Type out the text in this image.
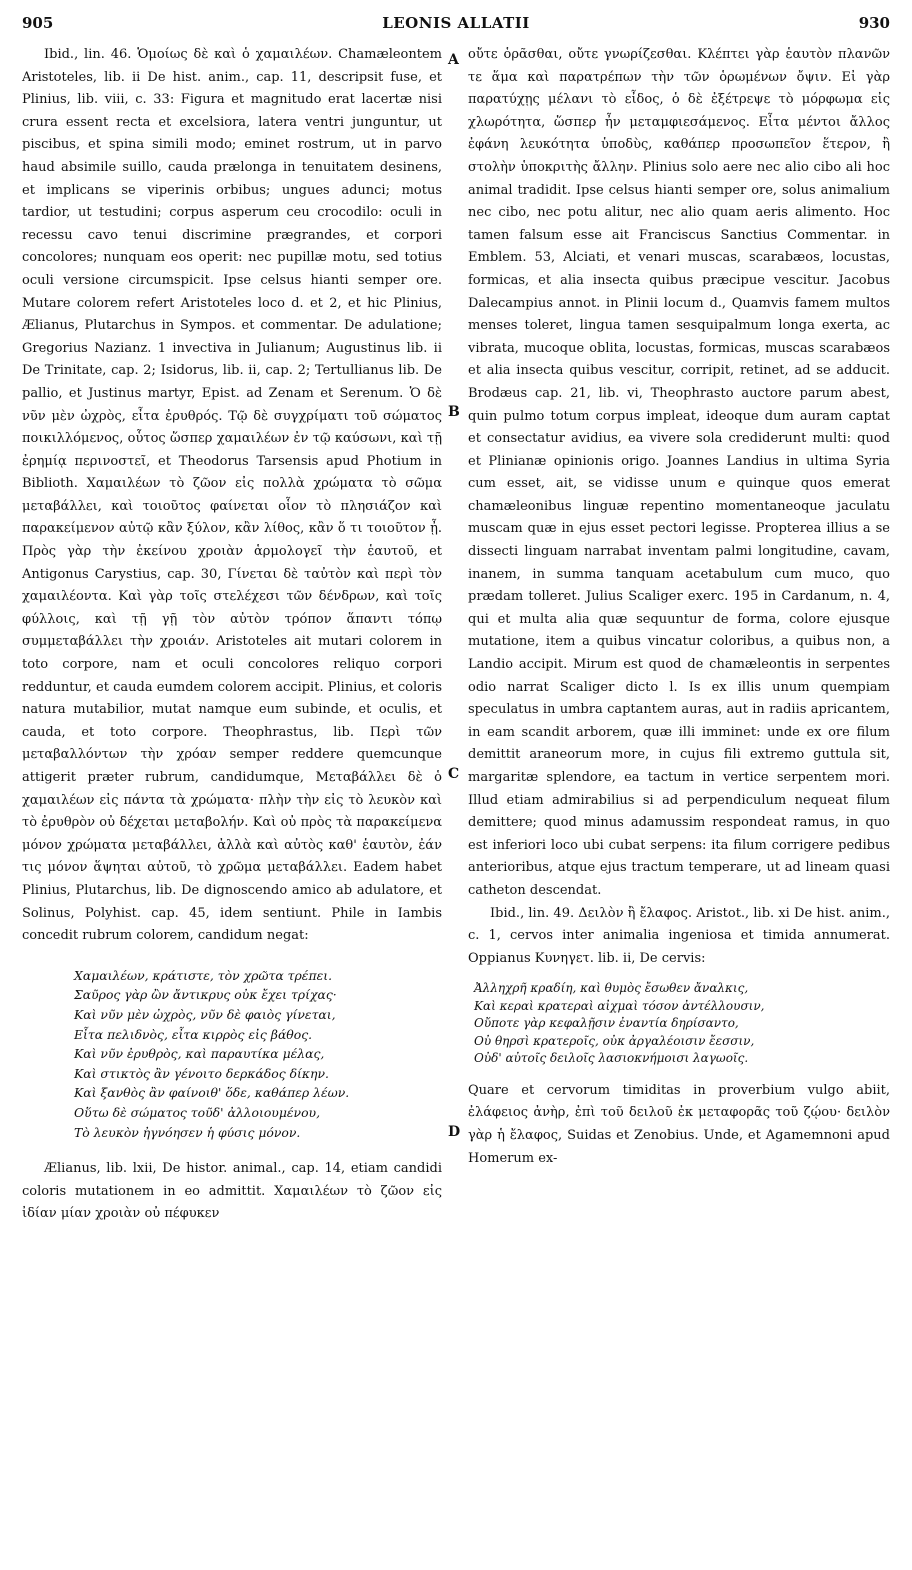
905	LEONIS ALLATII	930
A
B
C
D

Ibid., lin. 46. Ὁμοίως δὲ καὶ ὁ χαμαιλέων. Chamæleontem Aristoteles, lib. ii De hist. anim., cap. 11, descripsit fuse, et Plinius, lib. viii, c. 33: Figura et magnitudo erat lacertæ nisi crura essent recta et excelsiora, latera ventri junguntur, ut piscibus, et spina simili modo; eminet rostrum, ut in parvo haud absimile suillo, cauda prælonga in tenuitatem desinens, et implicans se viperinis orbibus; ungues adunci; motus tardior, ut testudini; corpus asperum ceu crocodilo: oculi in recessu cavo tenui discrimine prægrandes, et corpori concolores; nunquam eos operit: nec pupillæ motu, sed totius oculi versione circumspicit. Ipse celsus hianti semper ore. Mutare colorem refert Aristoteles loco d. et 2, et hic Plinius, Ælianus, Plutarchus in Sympos. et commentar. De adulatione; Gregorius Nazianz. 1 invectiva in Julianum; Augustinus lib. ii De Trinitate, cap. 2; Isidorus, lib. ii, cap. 2; Tertullianus lib. De pallio, et Justinus martyr, Epist. ad Zenam et Serenum. Ὁ δὲ νῦν μὲν ὠχρὸς, εἶτα ἐρυθρός. Τῷ δὲ συγχρίματι τοῦ σώματος ποικιλλόμενος, οὗτος ὥσπερ χαμαιλέων ἐν τῷ καύσωνι, καὶ τῇ ἐρημίᾳ περινοστεῖ, et Theodorus Tarsensis apud Photium in Biblioth. Χαμαιλέων τὸ ζῶον εἰς πολλὰ χρώματα τὸ σῶμα μεταβάλλει, καὶ τοιοῦτος φαίνεται οἷον τὸ πλησιάζον καὶ παρακείμενον αὐτῷ κἂν ξύλον, κἂν λίθος, κἂν ὅ τι τοιοῦτον ᾖ. Πρὸς γὰρ τὴν ἐκείνου χροιὰν ἁρμολογεῖ τὴν ἑαυτοῦ, et Antigonus Carystius, cap. 30, Γίνεται δὲ ταὐτὸν καὶ περὶ τὸν χαμαιλέοντα. Καὶ γὰρ τοῖς στελέχεσι τῶν δένδρων, καὶ τοῖς φύλλοις, καὶ τῇ γῇ τὸν αὐτὸν τρόπον ἅπαντι τόπῳ συμμεταβάλλει τὴν χροιάν. Aristoteles ait mutari colorem in toto corpore, nam et oculi concolores reliquo corpori redduntur, et cauda eumdem colorem accipit. Plinius, et coloris natura mutabilior, mutat namque eum subinde, et oculis, et cauda, et toto corpore. Theophrastus, lib. Περὶ τῶν μεταβαλλόντων τὴν χρόαν semper reddere quemcunque attigerit præter rubrum, candidumque, Μεταβάλλει δὲ ὁ χαμαιλέων εἰς πάντα τὰ χρώματα· πλὴν τὴν εἰς τὸ λευκὸν καὶ τὸ ἐρυθρὸν οὐ δέχεται μεταβολήν. Καὶ οὐ πρὸς τὰ παρακείμενα μόνον χρώματα μεταβάλλει, ἀλλὰ καὶ αὐτὸς καθ' ἑαυτὸν, ἐάν τις μόνον ἅψηται αὐτοῦ, τὸ χρῶμα μεταβάλλει. Eadem habet Plinius, Plutarchus, lib. De dignoscendo amico ab adulatore, et Solinus, Polyhist. cap. 45, idem sentiunt. Phile in Iambis concedit rubrum colorem, candidum negat:

Χαμαιλέων, κράτιστε, τὸν χρῶτα τρέπει.
Σαῦρος γὰρ ὢν ἄντικρυς οὐκ ἔχει τρίχας·
Καὶ νῦν μὲν ὠχρὸς, νῦν δὲ φαιὸς γίνεται,
Εἶτα πελιδνὸς, εἶτα κιρρὸς εἰς βάθος.
Καὶ νῦν ἐρυθρὸς, καὶ παραυτίκα μέλας,
Καὶ στικτὸς ἂν γένοιτο δερκάδος δίκην.
Καὶ ξανθὸς ἂν φαίνοιθ' ὅδε, καθάπερ λέων.
Οὕτω δὲ σώματος τοῦδ' ἀλλοιουμένου,
Τὸ λευκὸν ἠγνόησεν ἡ φύσις μόνον.

Ælianus, lib. lxii, De histor. animal., cap. 14, etiam candidi coloris mutationem in eo admittit. Χαμαιλέων τὸ ζῶον εἰς ἰδίαν μίαν χροιὰν οὐ πέφυκεν

οὔτε ὁρᾶσθαι, οὔτε γνωρίζεσθαι. Κλέπτει γὰρ ἑαυτὸν πλανῶν τε ἅμα καὶ παρατρέπων τὴν τῶν ὁρωμένων ὄψιν. Εἰ γὰρ παρατύχῃς μέλανι τὸ εἶδος, ὁ δὲ ἐξέτρεψε τὸ μόρφωμα εἰς χλωρότητα, ὥσπερ ἦν μεταμφιεσάμενος. Εἶτα μέντοι ἄλλος ἐφάνη λευκότητα ὑποδὺς, καθάπερ προσωπεῖον ἕτερον, ἢ στολὴν ὑποκριτὴς ἄλλην. Plinius solo aere nec alio cibo ali hoc animal tradidit. Ipse celsus hianti semper ore, solus animalium nec cibo, nec potu alitur, nec alio quam aeris alimento. Hoc tamen falsum esse ait Franciscus Sanctius Commentar. in Emblem. 53, Alciati, et venari muscas, scarabæos, locustas, formicas, et alia insecta quibus præcipue vescitur. Jacobus Dalecampius annot. in Plinii locum d., Quamvis famem multos menses toleret, lingua tamen sesquipalmum longa exerta, ac vibrata, mucoque oblita, locustas, formicas, muscas scarabæos et alia insecta quibus vescitur, corripit, retinet, ad se adducit. Brodæus cap. 21, lib. vi, Theophrasto auctore parum abest, quin pulmo totum corpus impleat, ideoque dum auram captat et consectatur avidius, ea vivere sola crediderunt multi: quod et Plinianæ opinionis origo. Joannes Landius in ultima Syria cum esset, ait, se vidisse unum e quinque quos emerat chamæleonibus linguæ repentino momentaneoque jaculatu muscam quæ in ejus esset pectori legisse. Propterea illius a se dissecti linguam narrabat inventam palmi longitudine, cavam, inanem, in summa tanquam acetabulum cum muco, quo prædam tolleret. Julius Scaliger exerc. 195 in Cardanum, n. 4, qui et multa alia quæ sequuntur de forma, colore ejusque mutatione, item a quibus vincatur coloribus, a quibus non, a Landio accipit. Mirum est quod de chamæleontis in serpentes odio narrat Scaliger dicto l. Is ex illis unum quempiam speculatus in umbra captantem auras, aut in radiis apricantem, in eam scandit arborem, quæ illi imminet: unde ex ore filum demittit araneorum more, in cujus fili extremo guttula sit, margaritæ splendore, ea tactum in vertice serpentem mori. Illud etiam admirabilius si ad perpendiculum nequeat filum demittere; quod minus adamussim respondeat ramus, in quo est inferiori loco ubi cubat serpens: ita filum corrigere pedibus anterioribus, atque ejus tractum temperare, ut ad lineam quasi catheton descendat.

Ibid., lin. 49. Δειλὸν ἢ ἔλαφος. Aristot., lib. xi De hist. anim., c. 1, cervos inter animalia ingeniosa et timida annumerat. Oppianus Κυνηγετ. lib. ii, De cervis:

Ἀλληχρῆ κραδίη, καὶ θυμὸς ἔσωθεν ἄναλκις,
Καὶ κεραὶ κρατεραὶ αἰχμαὶ τόσον ἀντέλλουσιν,
Οὔποτε γὰρ κεφαλῇσιν ἐναντία δηρίσαντο,
Οὐ θηρσὶ κρατεροῖς, οὐκ ἀργαλέοισιν ἔεσσιν,
Οὐδ' αὐτοῖς δειλοῖς λασιοκνήμοισι λαγωοῖς.

Quare et cervorum timiditas in proverbium vulgo abiit, ἐλάφειος ἀνὴρ, ἐπὶ τοῦ δειλοῦ ἐκ μεταφορᾶς τοῦ ζῴου· δειλὸν γὰρ ἡ ἔλαφος, Suidas et Zenobius. Unde, et Agamemnoni apud Homerum ex-
